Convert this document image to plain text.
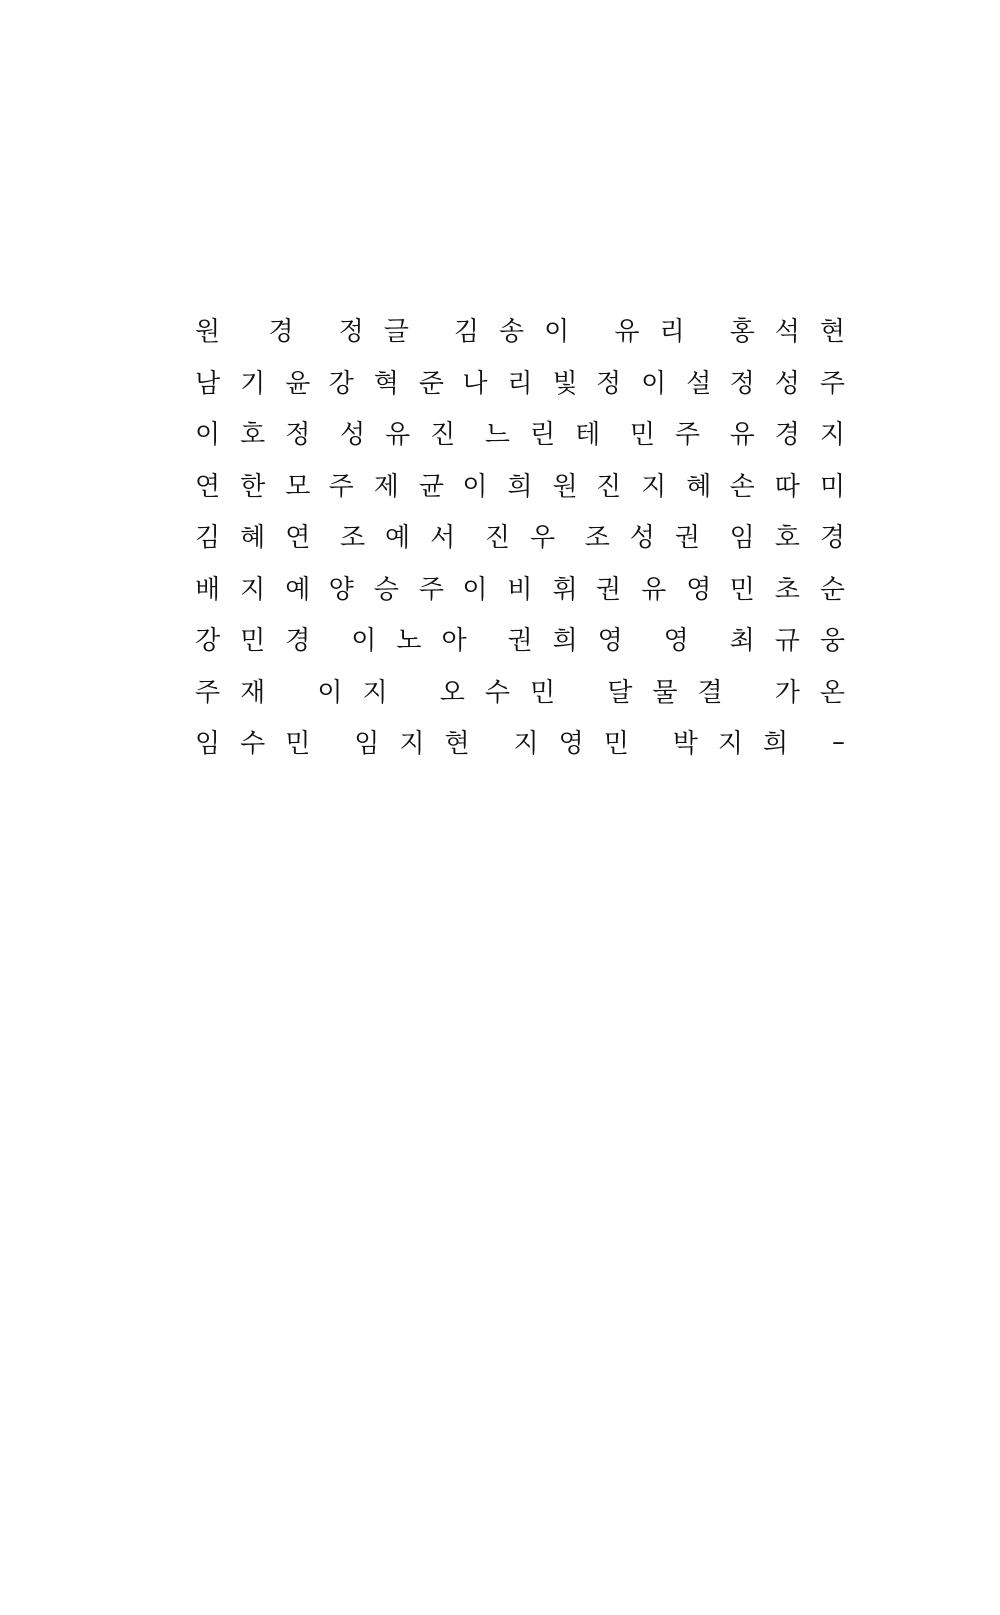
원 경 정글 김송이 유리 홍석현
남기윤
강혁준
나리빛
정이설
정성주
이호정 성유진 느린테 민주 유경지
연한모
주제균
이희원
진지혜
손따미
김혜연 조예서 진우 조성권 임호경
배지예
양승주
이비휘
권유영
민초순
강민경 이노아 권희영 영 최규웅
주재 이지 오수민 달물결 가온
임수민 임지현 지영민 박지희 –
